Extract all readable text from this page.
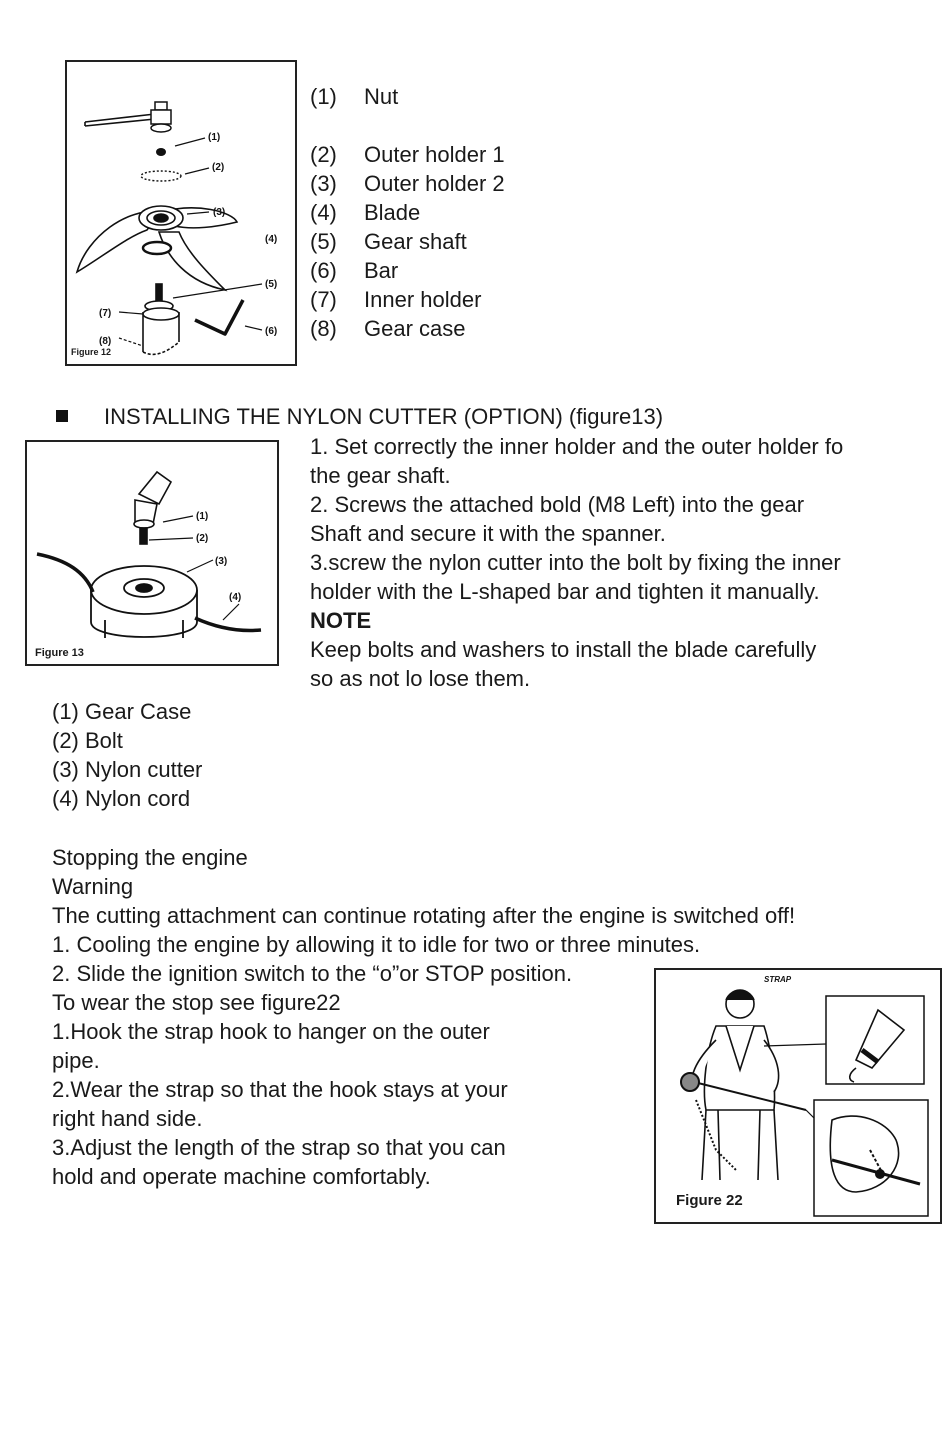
(1)
(2)
(3)
(4)
(5)
(6)
(7)
(8)
Figure 12
(1) Nut
(2) Outer holder 1
(3) Outer holder 2
(4) Blade
(5) Gear shaft
(6) Bar
(7) Inner holder
(8) Gear case
INSTALLING THE NYLON CUTTER (OPTION) (figure13)
(1)
(2)
(3)
(4)
Figure 13
1. Set correctly the inner holder and the outer holder fo
the gear shaft.
2. Screws the attached bold (M8 Left) into the gear
Shaft and secure it with the spanner.
3.screw the nylon cutter into the bolt by fixing the inner
holder with the L-shaped bar and tighten it manually.
NOTE
Keep bolts and washers to install the blade carefully
so as not lo lose them.
(1) Gear Case
(2) Bolt
(3) Nylon cutter
(4) Nylon cord
Stopping the engine
Warning
The cutting attachment can continue rotating after the engine is switched off!
1. Cooling the engine by allowing it to idle for two or three minutes.
2. Slide the ignition switch to the “o”or STOP position.
To wear the stop see figure22
1.Hook the strap hook to hanger on the outer
pipe.
2.Wear the strap so that the hook stays at your
right hand side.
3.Adjust the length of the strap so that you can
hold and operate machine comfortably.
STRAP
Figure 22
